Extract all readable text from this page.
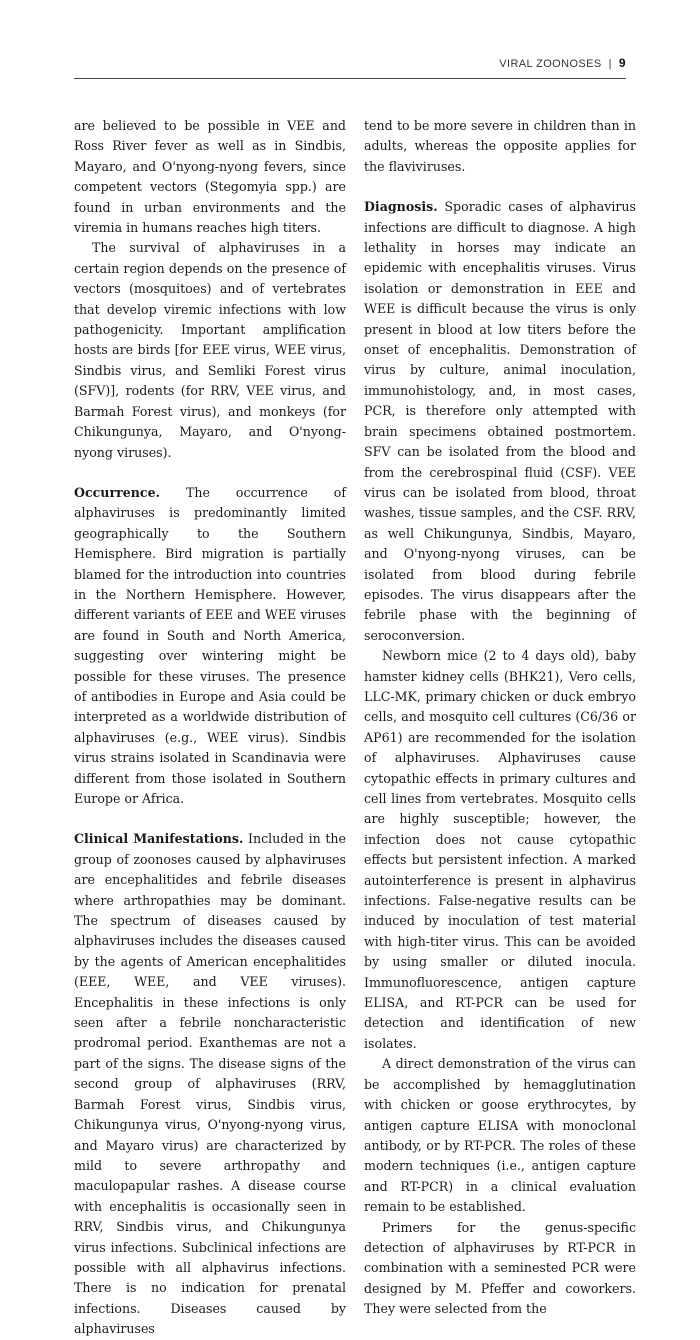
VIRAL ZOONOSES | 9

are believed to be possible in VEE and Ross River fever as well as in Sindbis, Mayaro, and O'nyong-nyong fevers, since competent vectors (Stegomyia spp.) are found in urban environments and the viremia in humans reaches high titers.

The survival of alphaviruses in a certain region depends on the presence of vectors (mosquitoes) and of vertebrates that develop viremic infections with low pathogenicity. Important amplification hosts are birds [for EEE virus, WEE virus, Sindbis virus, and Semliki Forest virus (SFV)], rodents (for RRV, VEE virus, and Barmah Forest virus), and monkeys (for Chikungunya, Mayaro, and O'nyong-nyong viruses).

Occurrence. The occurrence of alphaviruses is predominantly limited geographically to the Southern Hemisphere. Bird migration is partially blamed for the introduction into countries in the Northern Hemisphere. However, different variants of EEE and WEE viruses are found in South and North America, suggesting over wintering might be possible for these viruses. The presence of antibodies in Europe and Asia could be interpreted as a worldwide distribution of alphaviruses (e.g., WEE virus). Sindbis virus strains isolated in Scandinavia were different from those isolated in Southern Europe or Africa.

Clinical Manifestations. Included in the group of zoonoses caused by alphaviruses are encephalitides and febrile diseases where arthropathies may be dominant. The spectrum of diseases caused by alphaviruses includes the diseases caused by the agents of American encephalitides (EEE, WEE, and VEE viruses). Encephalitis in these infections is only seen after a febrile noncharacteristic prodromal period. Exanthemas are not a part of the signs. The disease signs of the second group of alphaviruses (RRV, Barmah Forest virus, Sindbis virus, Chikungunya virus, O'nyong-nyong virus, and Mayaro virus) are characterized by mild to severe arthropathy and maculopapular rashes. A disease course with encephalitis is occasionally seen in RRV, Sindbis virus, and Chikungunya virus infections. Subclinical infections are possible with all alphavirus infections. There is no indication for prenatal infections. Diseases caused by alphaviruses

tend to be more severe in children than in adults, whereas the opposite applies for the flaviviruses.

Diagnosis. Sporadic cases of alphavirus infections are difficult to diagnose. A high lethality in horses may indicate an epidemic with encephalitis viruses. Virus isolation or demonstration in EEE and WEE is difficult because the virus is only present in blood at low titers before the onset of encephalitis. Demonstration of virus by culture, animal inoculation, immunohistology, and, in most cases, PCR, is therefore only attempted with brain specimens obtained postmortem. SFV can be isolated from the blood and from the cerebrospinal fluid (CSF). VEE virus can be isolated from blood, throat washes, tissue samples, and the CSF. RRV, as well Chikungunya, Sindbis, Mayaro, and O'nyong-nyong viruses, can be isolated from blood during febrile episodes. The virus disappears after the febrile phase with the beginning of seroconversion.

Newborn mice (2 to 4 days old), baby hamster kidney cells (BHK21), Vero cells, LLC-MK, primary chicken or duck embryo cells, and mosquito cell cultures (C6/36 or AP61) are recommended for the isolation of alphaviruses. Alphaviruses cause cytopathic effects in primary cultures and cell lines from vertebrates. Mosquito cells are highly susceptible; however, the infection does not cause cytopathic effects but persistent infection. A marked autointerference is present in alphavirus infections. False-negative results can be induced by inoculation of test material with high-titer virus. This can be avoided by using smaller or diluted inocula. Immunofluorescence, antigen capture ELISA, and RT-PCR can be used for detection and identification of new isolates.

A direct demonstration of the virus can be accomplished by hemagglutination with chicken or goose erythrocytes, by antigen capture ELISA with monoclonal antibody, or by RT-PCR. The roles of these modern techniques (i.e., antigen capture and RT-PCR) in a clinical evaluation remain to be established.

Primers for the genus-specific detection of alphaviruses by RT-PCR in combination with a seminested PCR were designed by M. Pfeffer and coworkers. They were selected from the
